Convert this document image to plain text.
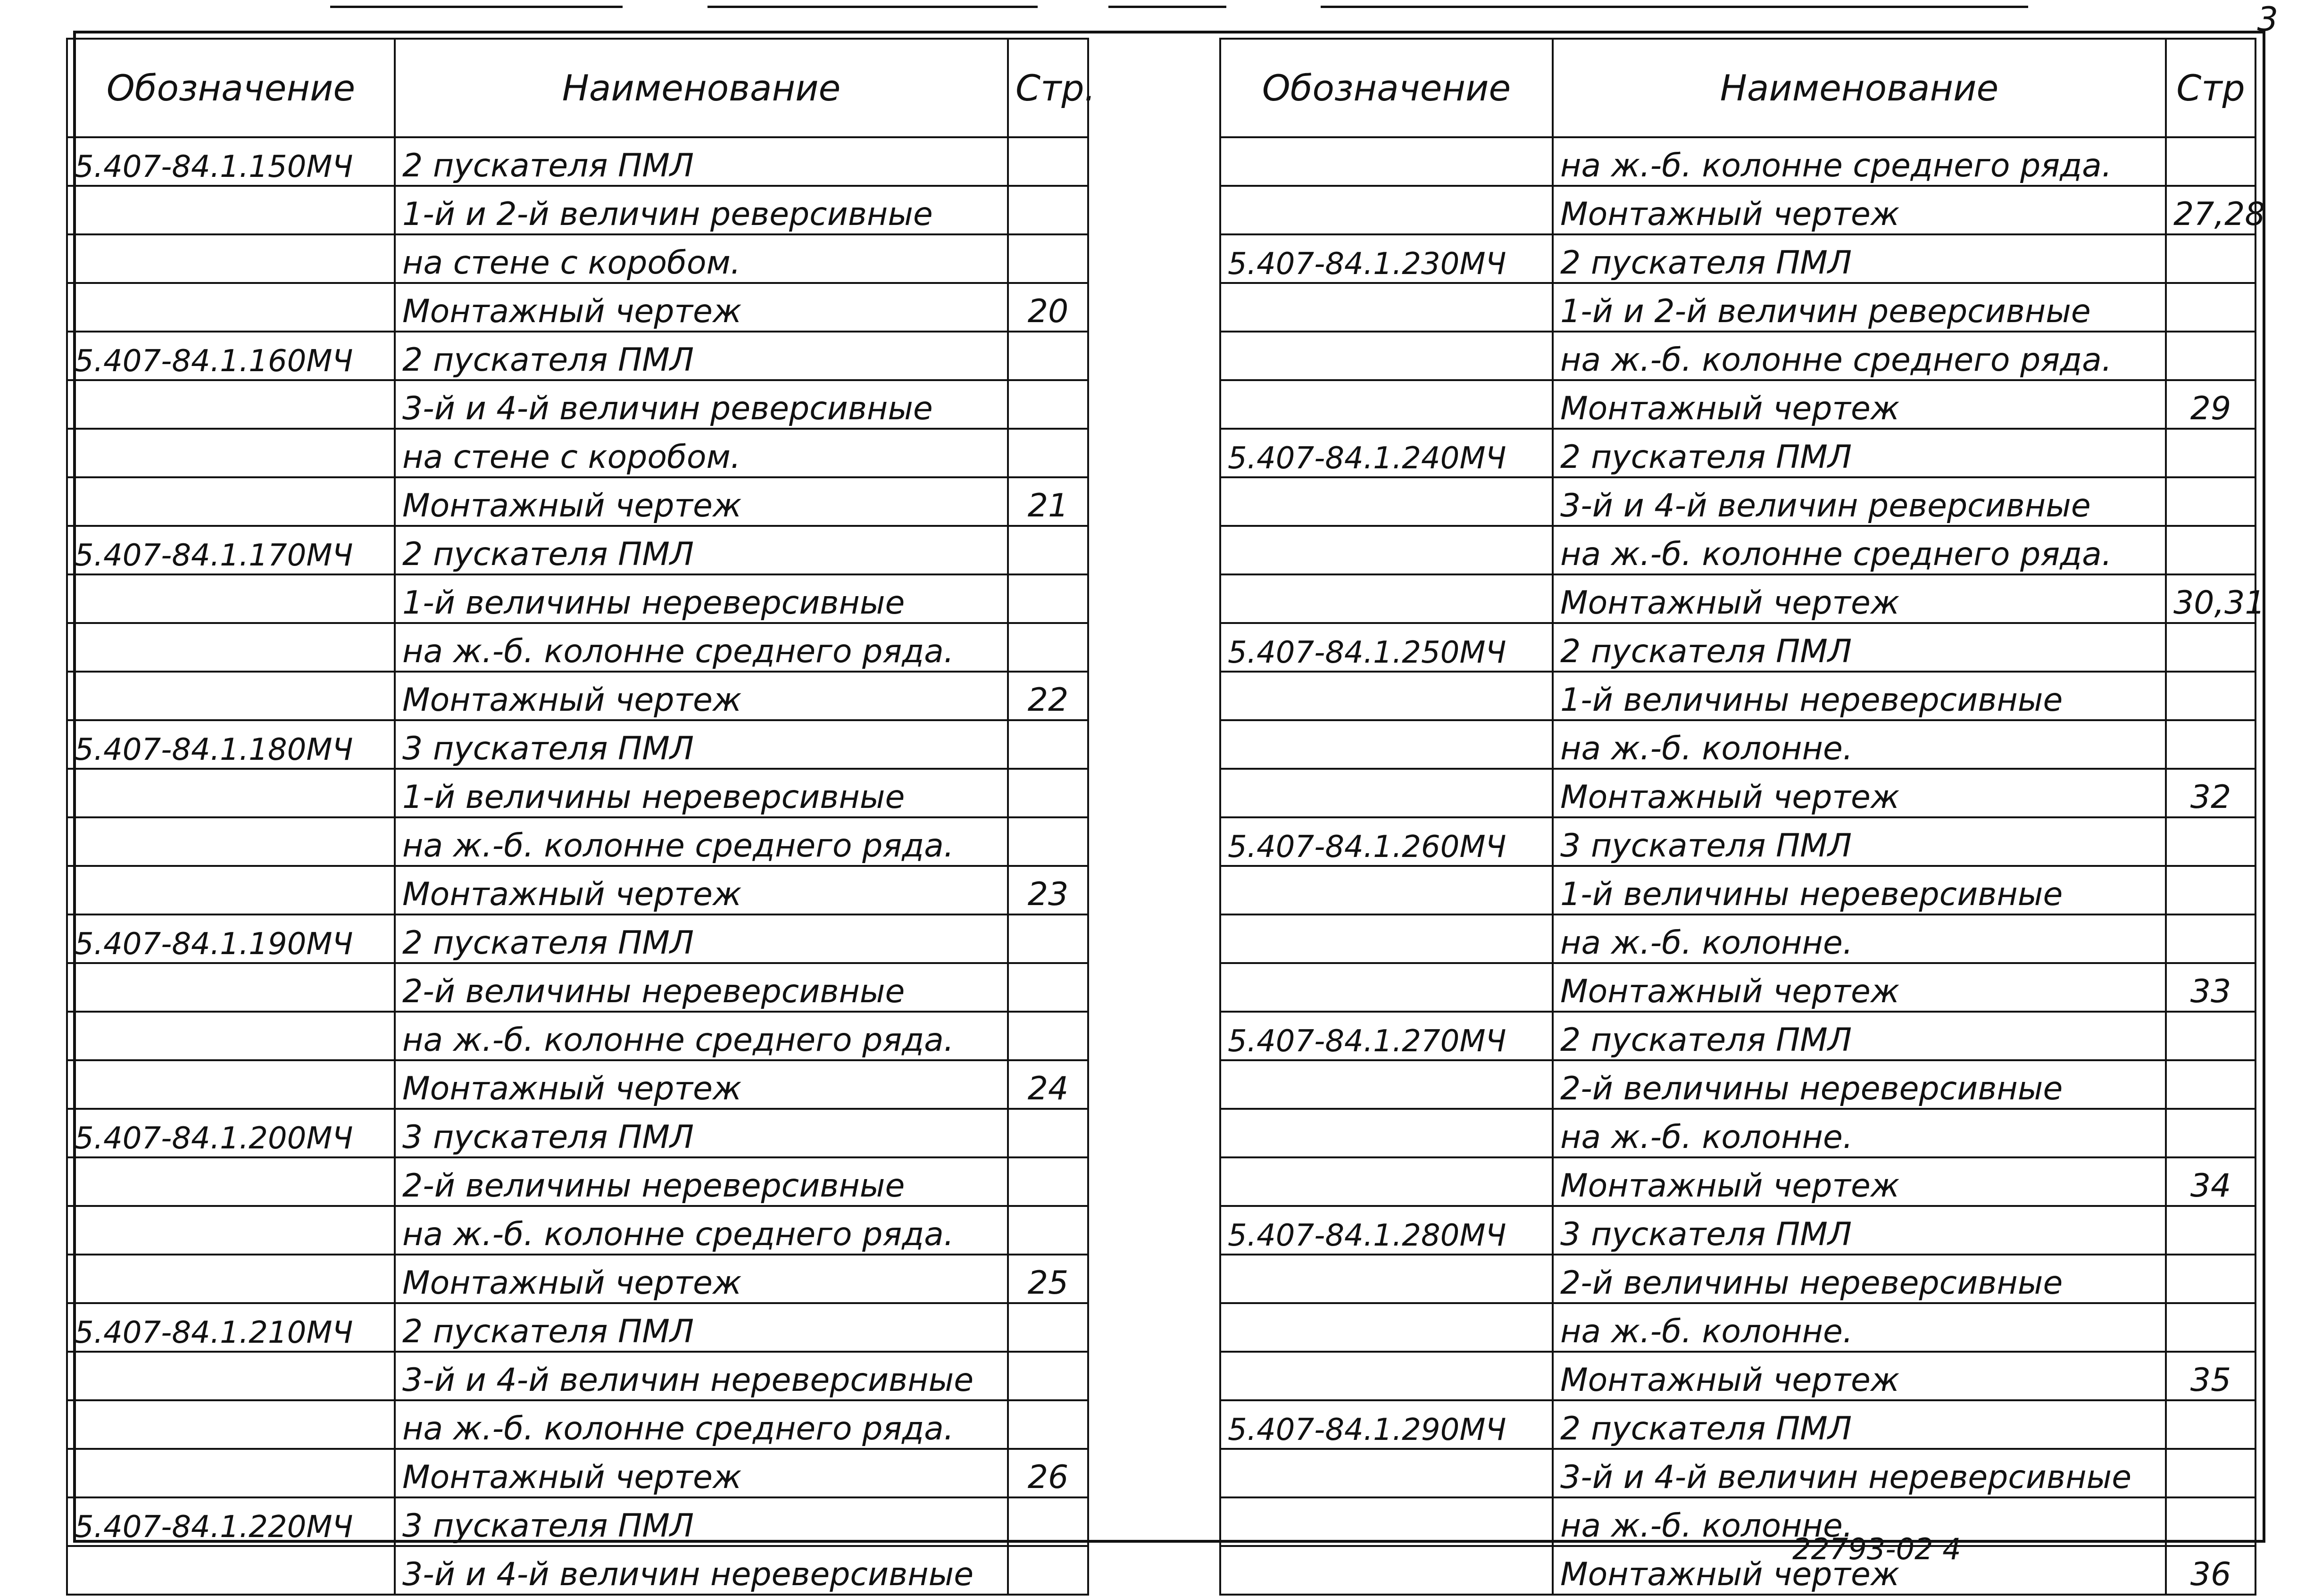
3
Обозначение	Наименование	Стр.
5.407-84.1.150МЧ	2 пускателя ПМЛ	
	1-й и 2-й величин реверсивные	
	на стене с коробом.	
	Монтажный чертеж	20
5.407-84.1.160МЧ	2 пускателя ПМЛ	
	3-й и 4-й величин реверсивные	
	на стене с коробом.	
	Монтажный чертеж	21
5.407-84.1.170МЧ	2 пускателя ПМЛ	
	1-й величины нереверсивные	
	на ж.-б. колонне среднего ряда.	
	Монтажный чертеж	22
5.407-84.1.180МЧ	3 пускателя ПМЛ	
	1-й величины нереверсивные	
	на ж.-б. колонне среднего ряда.	
	Монтажный чертеж	23
5.407-84.1.190МЧ	2 пускателя ПМЛ	
	2-й величины нереверсивные	
	на ж.-б. колонне среднего ряда.	
	Монтажный чертеж	24
5.407-84.1.200МЧ	3 пускателя ПМЛ	
	2-й величины нереверсивные	
	на ж.-б. колонне среднего ряда.	
	Монтажный чертеж	25
5.407-84.1.210МЧ	2 пускателя ПМЛ	
	3-й и 4-й величин нереверсивные	
	на ж.-б. колонне среднего ряда.	
	Монтажный чертеж	26
5.407-84.1.220МЧ	3 пускателя ПМЛ	
	3-й и 4-й величин нереверсивные	
Обозначение	Наименование	Стр
	на ж.-б. колонне среднего ряда.	
	Монтажный чертеж	27,28
5.407-84.1.230МЧ	2 пускателя ПМЛ	
	1-й и 2-й величин реверсивные	
	на ж.-б. колонне среднего ряда.	
	Монтажный чертеж	29
5.407-84.1.240МЧ	2 пускателя ПМЛ	
	3-й и 4-й величин реверсивные	
	на ж.-б. колонне среднего ряда.	
	Монтажный чертеж	30,31
5.407-84.1.250МЧ	2 пускателя ПМЛ	
	1-й величины нереверсивные	
	на ж.-б. колонне.	
	Монтажный чертеж	32
5.407-84.1.260МЧ	3 пускателя ПМЛ	
	1-й величины нереверсивные	
	на ж.-б. колонне.	
	Монтажный чертеж	33
5.407-84.1.270МЧ	2 пускателя ПМЛ	
	2-й величины нереверсивные	
	на ж.-б. колонне.	
	Монтажный чертеж	34
5.407-84.1.280МЧ	3 пускателя ПМЛ	
	2-й величины нереверсивные	
	на ж.-б. колонне.	
	Монтажный чертеж	35
5.407-84.1.290МЧ	2 пускателя ПМЛ	
	3-й и 4-й величин нереверсивные	
	на ж.-б. колонне.	
	Монтажный чертеж	36
22793-02 4
